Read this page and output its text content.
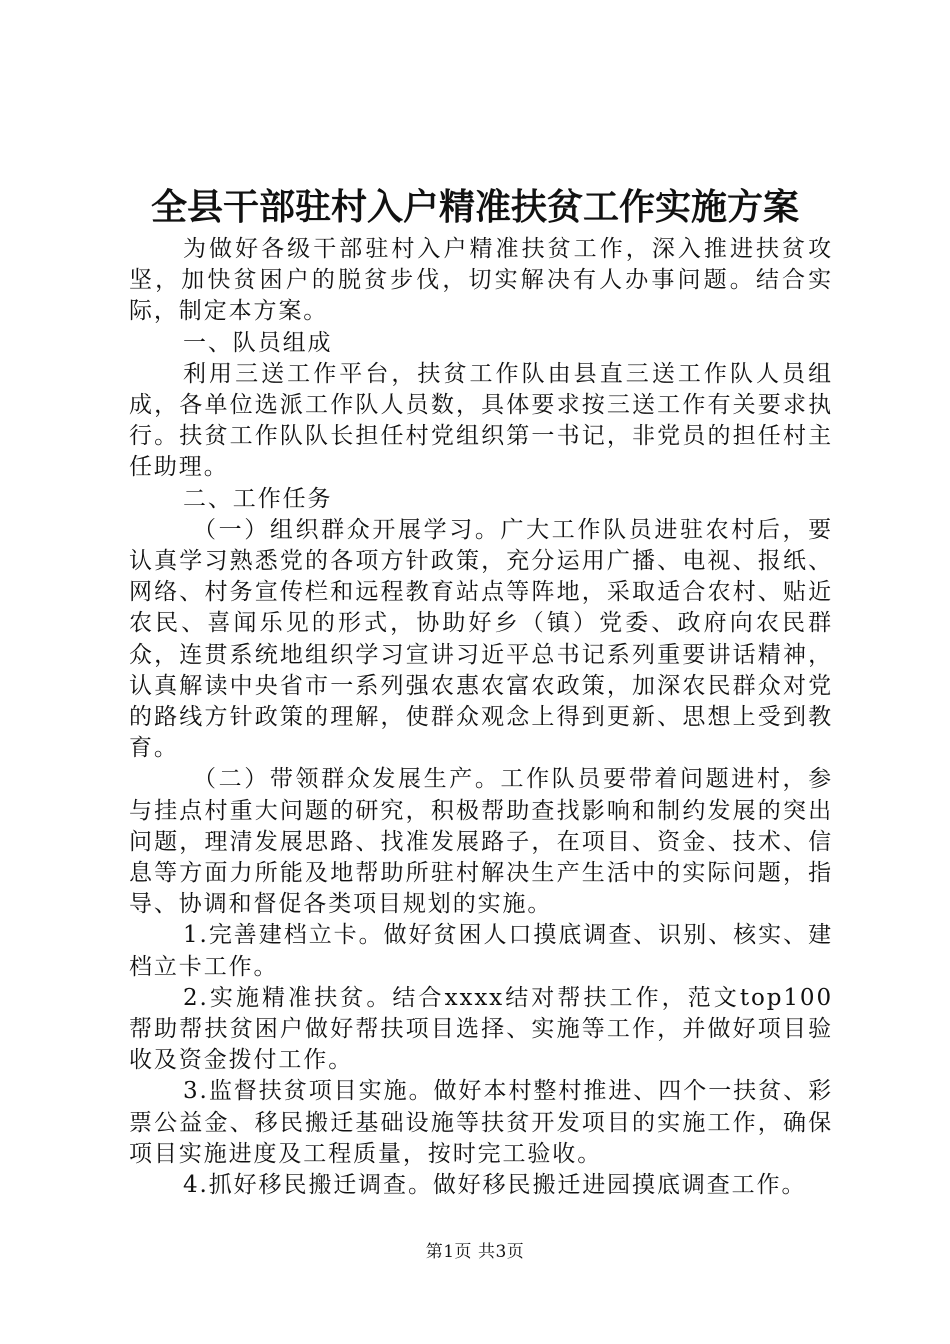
全县干部驻村入户精准扶贫工作实施方案

为做好各级干部驻村入户精准扶贫工作，深入推进扶贫攻坚，加快贫困户的脱贫步伐，切实解决有人办事问题。结合实际，制定本方案。

一、队员组成

利用三送工作平台，扶贫工作队由县直三送工作队人员组成，各单位选派工作队人员数，具体要求按三送工作有关要求执行。扶贫工作队队长担任村党组织第一书记，非党员的担任村主任助理。

二、工作任务

（一）组织群众开展学习。广大工作队员进驻农村后，要认真学习熟悉党的各项方针政策，充分运用广播、电视、报纸、网络、村务宣传栏和远程教育站点等阵地，采取适合农村、贴近农民、喜闻乐见的形式，协助好乡（镇）党委、政府向农民群众，连贯系统地组织学习宣讲习近平总书记系列重要讲话精神，认真解读中央省市一系列强农惠农富农政策，加深农民群众对党的路线方针政策的理解，使群众观念上得到更新、思想上受到教育。

（二）带领群众发展生产。工作队员要带着问题进村，参与挂点村重大问题的研究，积极帮助查找影响和制约发展的突出问题，理清发展思路、找准发展路子，在项目、资金、技术、信息等方面力所能及地帮助所驻村解决生产生活中的实际问题，指导、协调和督促各类项目规划的实施。

1.完善建档立卡。做好贫困人口摸底调查、识别、核实、建档立卡工作。

2.实施精准扶贫。结合xxxx结对帮扶工作，范文top100帮助帮扶贫困户做好帮扶项目选择、实施等工作，并做好项目验收及资金拨付工作。

3.监督扶贫项目实施。做好本村整村推进、四个一扶贫、彩票公益金、移民搬迁基础设施等扶贫开发项目的实施工作，确保项目实施进度及工程质量，按时完工验收。

4.抓好移民搬迁调查。做好移民搬迁进园摸底调查工作。

第1页 共3页
